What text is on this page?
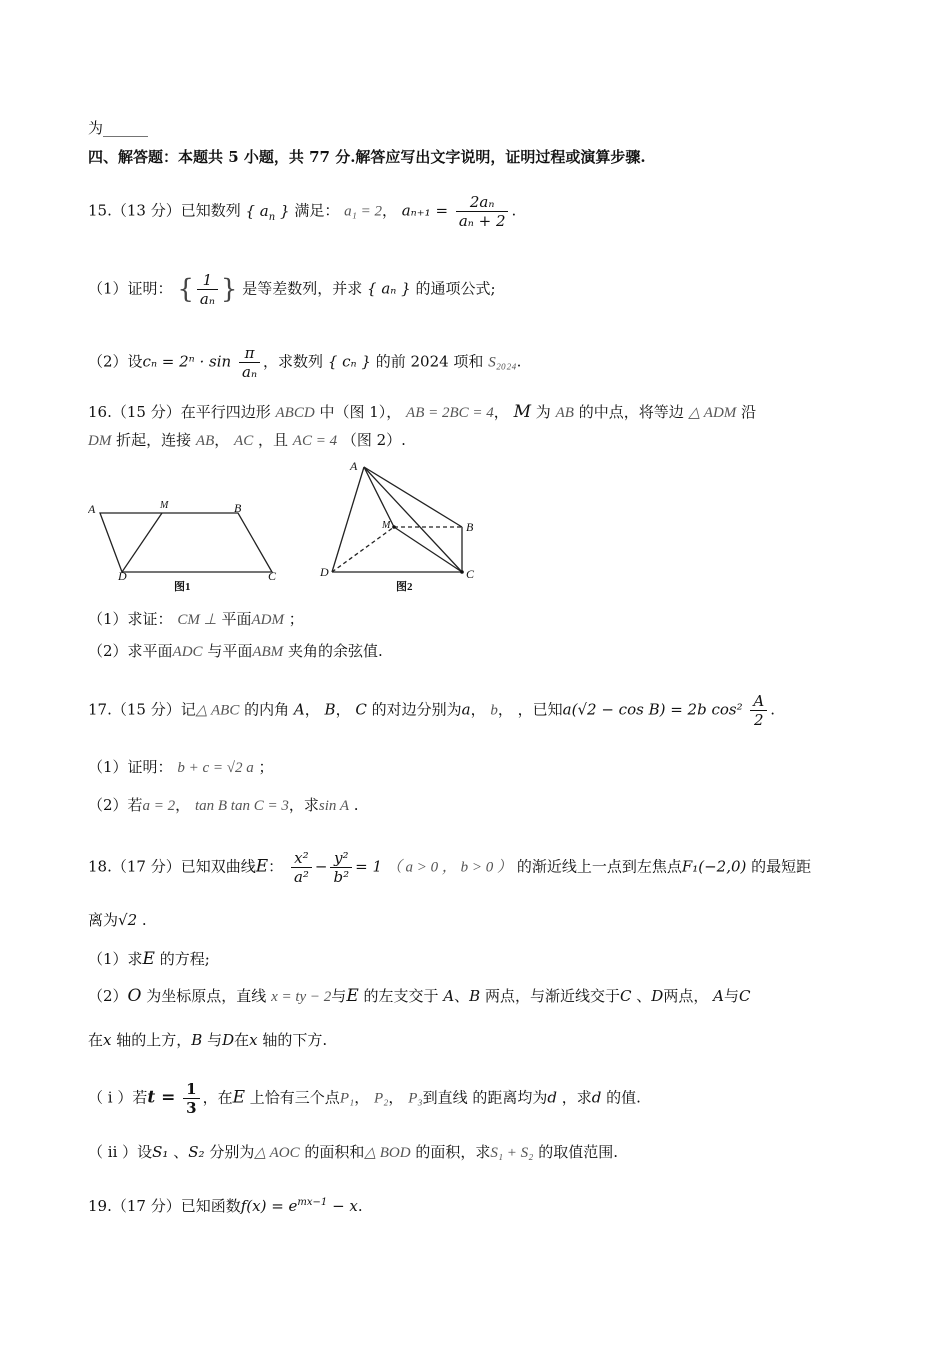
为______
四、解答题：本题共 5 小题，共 77 分.解答应写出文字说明，证明过程或演算步骤.
15.（13 分）已知数列 { $a_n$ } 满足： a₁ = 2， $a_{n+1} = \frac{\text{2aₙ}}{\text{aₙ + 2}}$ .
（1）证明： { $\frac{1}{\text{aₙ}}$ } 是等差数列，并求 { aₙ } 的通项公式;
（2）设$c_n = 2^n \cdot \sin \frac{\pi}{\text{aₙ}}$ ，求数列 { cₙ } 的前 2024 项和 S₂₀₂₄.
16.（15 分）在平行四边形 ABCD 中（图 1）， AB = 2BC = 4， M 为 AB 的中点，将等边 △ ADM 沿
DM 折起，连接 AB， AC ，且 AC = 4 （图 2）.
A	M	B
D	C
图1
A
M	B
D	C
图2
（1）求证： CM ⊥ 平面ADM ；
（2）求平面ADC 与平面ABM 夹角的余弦值.
17.（15 分）记△ ABC 的内角 A， B， C 的对边分别为a， b， ，已知a(√2 − cos B) = 2b $\cos^2 \frac{A}{2}$ .
（1）证明： b + c = √2 a ；
（2）若a = 2， tan B tan C = 3，求sin A .
18.（17 分）已知双曲线E： $\frac{\text{x²}}{\text{a²}} - \frac{\text{y²}}{\text{b²}} = 1$ （ a > 0 ， b > 0 ） 的渐近线上一点到左焦点F₁(−2,0) 的最短距
离为√2 .
（1）求E 的方程;
（2）O 为坐标原点，直线 x = ty − 2与E 的左支交于 A、B 两点，与渐近线交于C 、D两点， A与C
在x 轴的上方，B 与D在x 轴的下方.
（ i ）若$t = \frac{1}{3}$ ，在E 上恰有三个点P₁， P₂， P₃到直线 的距离均为d ，求d 的值.
（ ii ）设S₁ 、S₂ 分别为△ AOC 的面积和△ BOD 的面积，求S₁ + S₂ 的取值范围.
19.（17 分）已知函数$f(x) = e^{mx-1} - x$.
